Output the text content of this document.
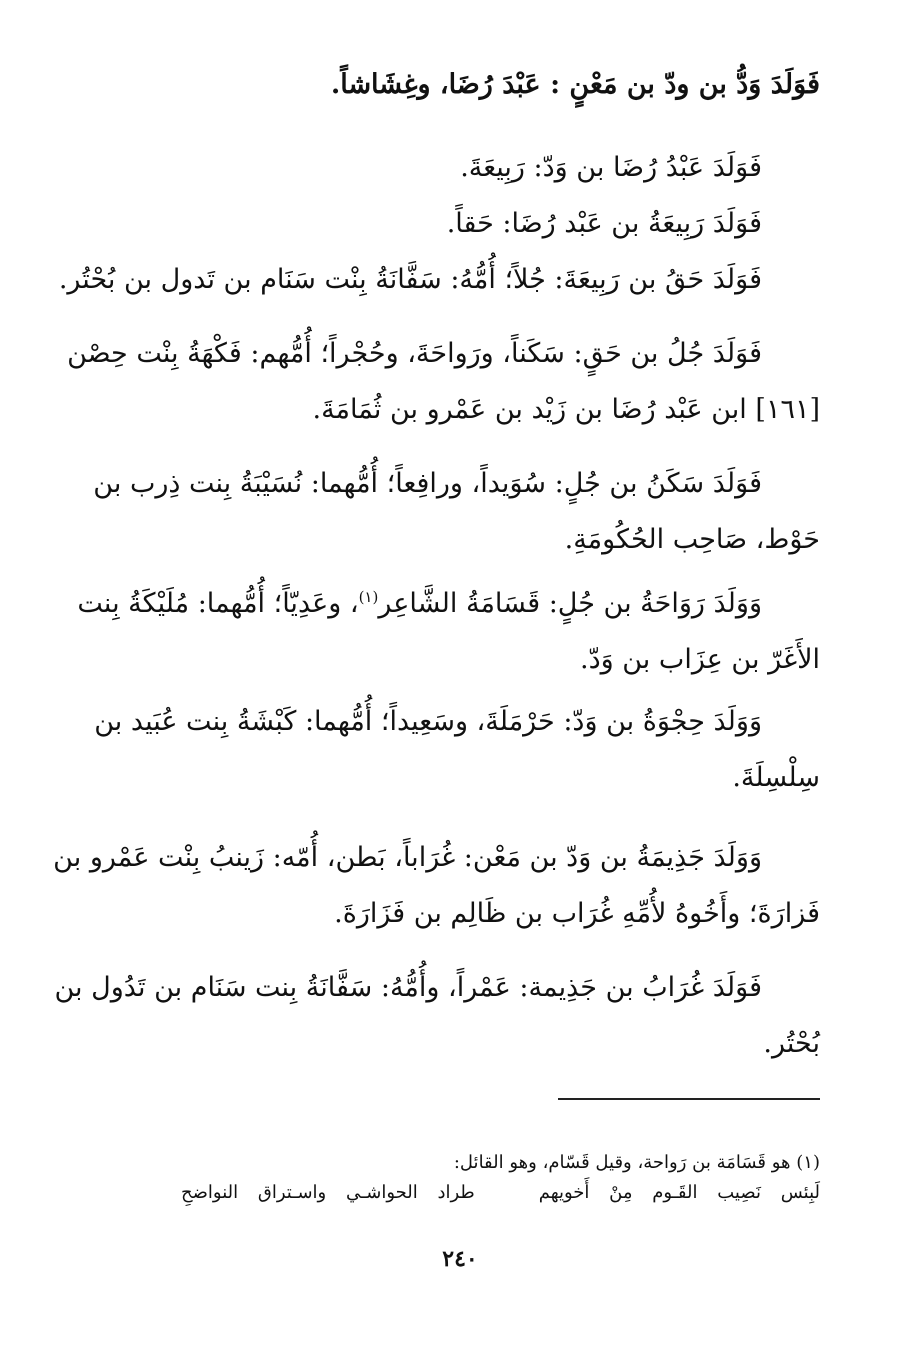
فَوَلَدَ وَدُّ بن ودّ بن مَعْنٍ : عَبْدَ رُضَا، وغِشَاشاً.
فَوَلَدَ عَبْدُ رُضَا بن وَدّ: رَبِيعَةَ.
فَوَلَدَ رَبِيعَةُ بن عَبْد رُضَا: حَقاً.
فَوَلَدَ حَقُ بن رَبِيعَةَ: جُلاً؛ أُمُّهُ: سَفَّانَةُ بِنْت سَنَام بن تَدول بن بُحْتُر.
فَوَلَدَ جُلُ بن حَقٍ: سَكَناً، ورَواحَةَ، وحُجْراً؛ أُمُّهم: فَكْهَةُ بِنْت حِصْن
[١٦١] ابن عَبْد رُضَا بن زَيْد بن عَمْرو بن ثُمَامَةَ.
فَوَلَدَ سَكَنُ بن جُلٍ: سُوَيداً، ورافِعاً؛ أُمُّهما: نُسَيْبَةُ بِنت ذِرب بن
حَوْط، صَاحِب الحُكُومَةِ.
وَوَلَدَ رَوَاحَةُ بن جُلٍ: قَسَامَةُ الشَّاعِر$^{(١)}$، وعَدِيّاً؛ أُمُّهما: مُلَيْكَةُ بِنت
الأَغَرّ بن عِزَاب بن وَدّ.
وَوَلَدَ حِجْوَةُ بن وَدّ: حَرْمَلَةَ، وسَعِيداً؛ أُمُّهما: كَبْشَةُ بِنت عُبَيد بن
سِلْسِلَةَ.
وَوَلَدَ جَذِيمَةُ بن وَدّ بن مَعْن: غُرَاباً، بَطن، أُمّه: زَينبُ بِنْت عَمْرو بن
فَزارَةَ؛ وأَخُوهُ لأُمِّهِ غُرَاب بن ظَالِم بن فَزَارَةَ.
فَوَلَدَ غُرَابُ بن جَذِيمة: عَمْراً، وأُمُّهُ: سَفَّانَةُ بِنت سَنَام بن تَدُول بن
بُحْتُر.
(١) هو قَسَامَة بن رَواحة، وقيل قَسّام، وهو القائل:
لَبِئس نَصِيب القَـوم مِنْ أَخويهم
طراد الحواشـي واسـتراق النواضحِ
٢٤٠
